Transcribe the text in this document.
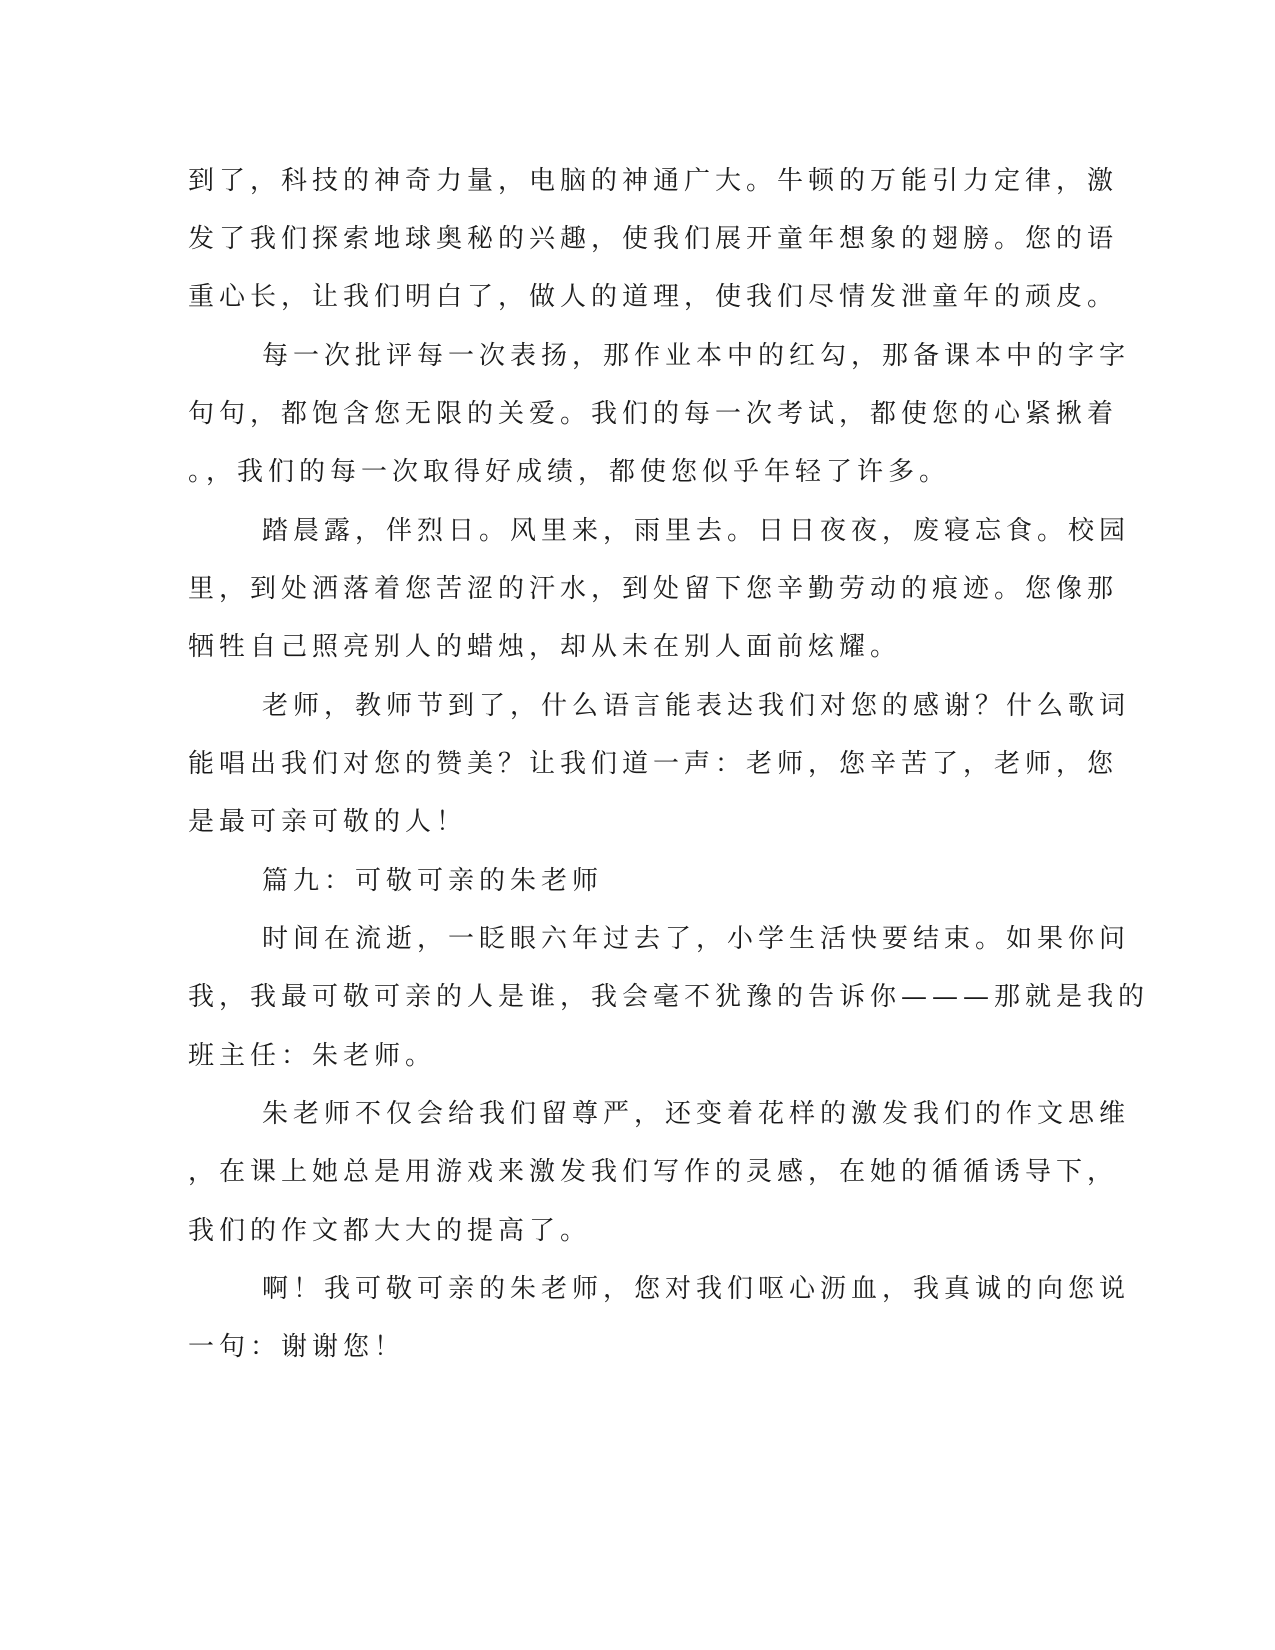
到了，科技的神奇力量，电脑的神通广大。牛顿的万能引力定律，激

发了我们探索地球奥秘的兴趣，使我们展开童年想象的翅膀。您的语

重心长，让我们明白了，做人的道理，使我们尽情发泄童年的顽皮。

每一次批评每一次表扬，那作业本中的红勾，那备课本中的字字

句句，都饱含您无限的关爱。我们的每一次考试，都使您的心紧揪着

。，我们的每一次取得好成绩，都使您似乎年轻了许多。

踏晨露，伴烈日。风里来，雨里去。日日夜夜，废寝忘食。校园

里，到处洒落着您苦涩的汗水，到处留下您辛勤劳动的痕迹。您像那

牺牲自己照亮别人的蜡烛，却从未在别人面前炫耀。

老师，教师节到了，什么语言能表达我们对您的感谢？什么歌词

能唱出我们对您的赞美？让我们道一声：老师，您辛苦了，老师，您

是最可亲可敬的人！

篇九：可敬可亲的朱老师

时间在流逝，一眨眼六年过去了，小学生活快要结束。如果你问

我，我最可敬可亲的人是谁，我会毫不犹豫的告诉你———那就是我的

班主任：朱老师。

朱老师不仅会给我们留尊严，还变着花样的激发我们的作文思维

，在课上她总是用游戏来激发我们写作的灵感，在她的循循诱导下，

我们的作文都大大的提高了。

啊！我可敬可亲的朱老师，您对我们呕心沥血，我真诚的向您说

一句：谢谢您！
